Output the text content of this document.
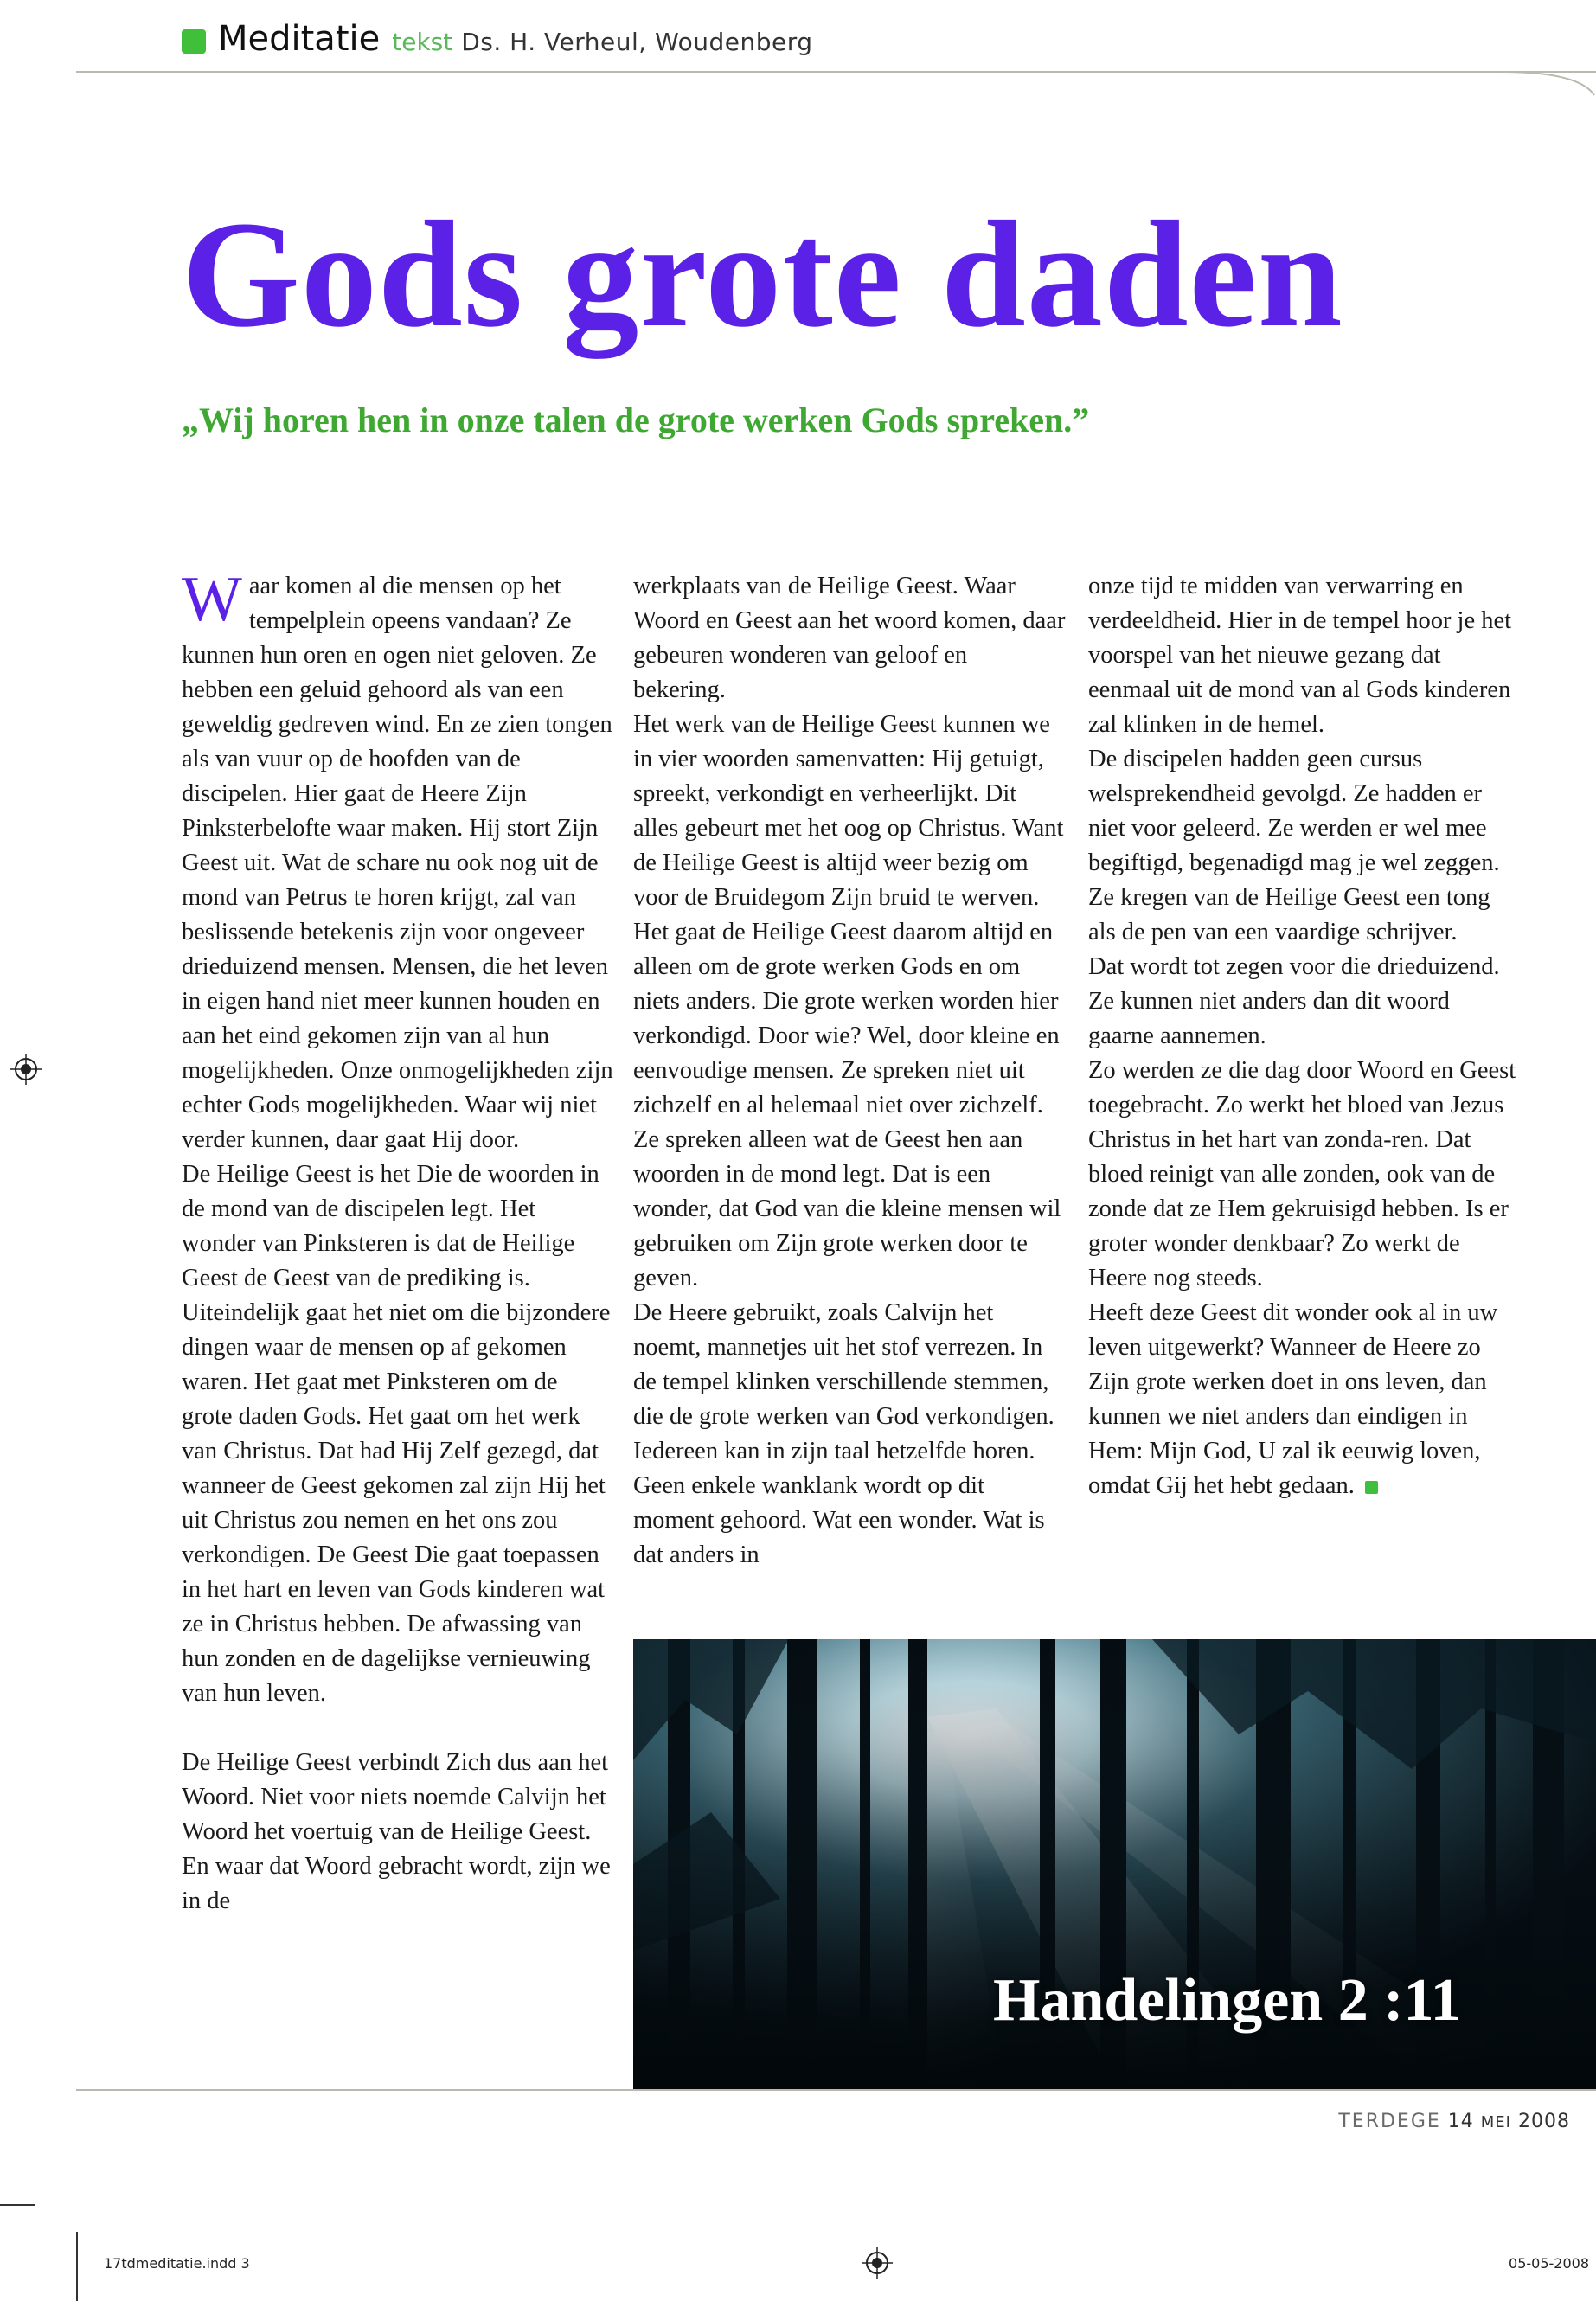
Meditatie tekst Ds. H. Verheul, Woudenberg
Gods grote daden
„Wij horen hen in onze talen de grote werken Gods spreken.”

Waar komen al die mensen op het tempelplein opeens vandaan? Ze kunnen hun oren en ogen niet geloven. Ze hebben een geluid gehoord als van een geweldig gedreven wind. En ze zien tongen als van vuur op de hoofden van de discipelen. Hier gaat de Heere Zijn Pinksterbelofte waar maken. Hij stort Zijn Geest uit. Wat de schare nu ook nog uit de mond van Petrus te horen krijgt, zal van beslissende betekenis zijn voor ongeveer drieduizend mensen. Mensen, die het leven in eigen hand niet meer kunnen houden en aan het eind gekomen zijn van al hun mogelijkheden. Onze onmogelijkheden zijn echter Gods mogelijkheden. Waar wij niet verder kunnen, daar gaat Hij door.

De Heilige Geest is het Die de woorden in de mond van de discipelen legt. Het wonder van Pinksteren is dat de Heilige Geest de Geest van de prediking is. Uiteindelijk gaat het niet om die bijzondere dingen waar de mensen op af gekomen waren. Het gaat met Pinksteren om de grote daden Gods. Het gaat om het werk van Christus. Dat had Hij Zelf gezegd, dat wanneer de Geest gekomen zal zijn Hij het uit Christus zou nemen en het ons zou verkondigen. De Geest Die gaat toepassen in het hart en leven van Gods kinderen wat ze in Christus hebben. De afwassing van hun zonden en de dagelijkse vernieuwing van hun leven.

De Heilige Geest verbindt Zich dus aan het Woord. Niet voor niets noemde Calvijn het Woord het voertuig van de Heilige Geest. En waar dat Woord gebracht wordt, zijn we in de

werkplaats van de Heilige Geest. Waar Woord en Geest aan het woord komen, daar gebeuren wonderen van geloof en bekering.

Het werk van de Heilige Geest kunnen we in vier woorden samenvatten: Hij getuigt, spreekt, verkondigt en verheerlijkt. Dit alles gebeurt met het oog op Christus. Want de Heilige Geest is altijd weer bezig om voor de Bruidegom Zijn bruid te werven. Het gaat de Heilige Geest daarom altijd en alleen om de grote werken Gods en om niets anders. Die grote werken worden hier verkondigd. Door wie? Wel, door kleine en eenvoudige mensen. Ze spreken niet uit zichzelf en al helemaal niet over zichzelf. Ze spreken alleen wat de Geest hen aan woorden in de mond legt. Dat is een wonder, dat God van die kleine mensen wil gebruiken om Zijn grote werken door te geven.

De Heere gebruikt, zoals Calvijn het noemt, mannetjes uit het stof verrezen. In de tempel klinken verschillende stemmen, die de grote werken van God verkondigen. Iedereen kan in zijn taal hetzelfde horen. Geen enkele wanklank wordt op dit moment gehoord. Wat een wonder. Wat is dat anders in

onze tijd te midden van verwarring en verdeeldheid. Hier in de tempel hoor je het voorspel van het nieuwe gezang dat eenmaal uit de mond van al Gods kinderen zal klinken in de hemel.

De discipelen hadden geen cursus welsprekendheid gevolgd. Ze hadden er niet voor geleerd. Ze werden er wel mee begiftigd, begenadigd mag je wel zeggen. Ze kregen van de Heilige Geest een tong als de pen van een vaardige schrijver.

Dat wordt tot zegen voor die drieduizend. Ze kunnen niet anders dan dit woord gaarne aannemen.

Zo werden ze die dag door Woord en Geest toegebracht. Zo werkt het bloed van Jezus Christus in het hart van zonda-ren. Dat bloed reinigt van alle zonden, ook van de zonde dat ze Hem gekruisigd hebben. Is er groter wonder denkbaar? Zo werkt de Heere nog steeds.

Heeft deze Geest dit wonder ook al in uw leven uitgewerkt? Wanneer de Heere zo Zijn grote werken doet in ons leven, dan kunnen we niet anders dan eindigen in Hem: Mijn God, U zal ik eeuwig loven, omdat Gij het hebt gedaan.

Handelingen 2 :11
TERDEGE 14 MEI 2008
17tdmeditatie.indd 3	05-05-2008
